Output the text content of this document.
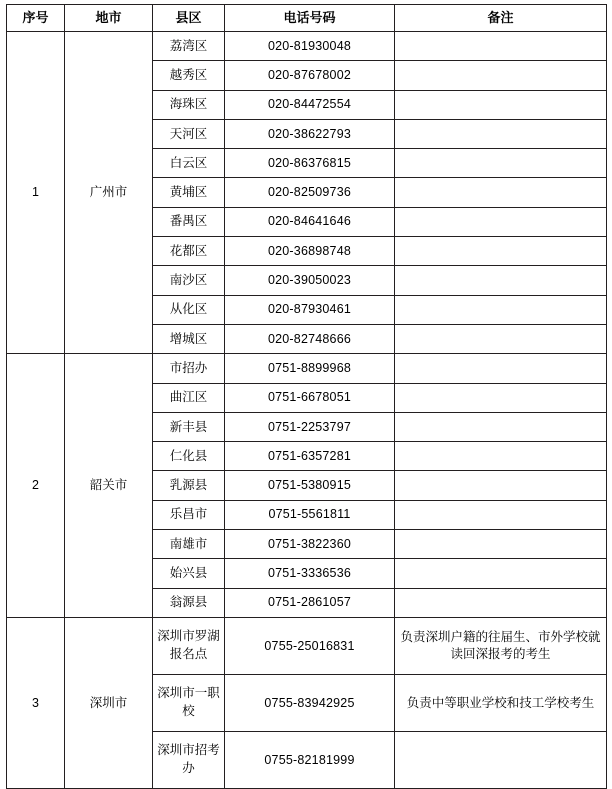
序号	地市	县区	电话号码	备注
1	广州市	荔湾区	020-81930048	
		越秀区	020-87678002	
		海珠区	020-84472554	
		天河区	020-38622793	
		白云区	020-86376815	
		黄埔区	020-82509736	
		番禺区	020-84641646	
		花都区	020-36898748	
		南沙区	020-39050023	
		从化区	020-87930461	
		增城区	020-82748666	
2	韶关市	市招办	0751-8899968	
		曲江区	0751-6678051	
		新丰县	0751-2253797	
		仁化县	0751-6357281	
		乳源县	0751-5380915	
		乐昌市	0751-5561811	
		南雄市	0751-3822360	
		始兴县	0751-3336536	
		翁源县	0751-2861057	
3	深圳市	深圳市罗湖报名点	0755-25016831	负责深圳户籍的往届生、市外学校就读回深报考的考生
		深圳市一职校	0755-83942925	负责中等职业学校和技工学校考生
		深圳市招考办	0755-82181999	
